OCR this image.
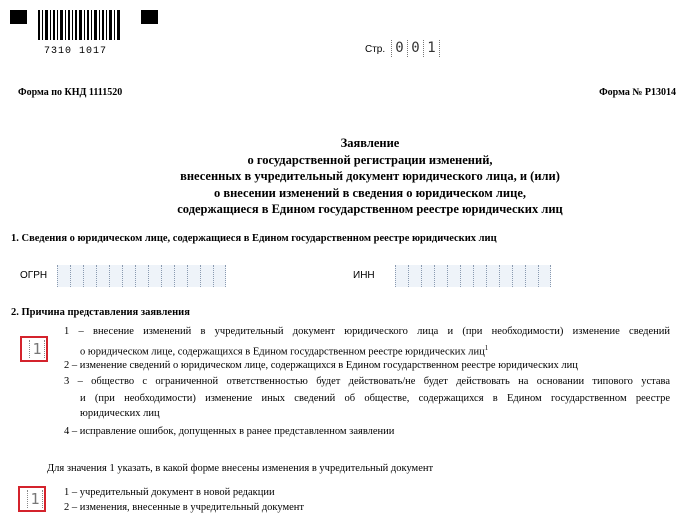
7310 1017	Стр. 0 0 1
Форма по КНД 1111520	Форма № Р13014
Заявление
о государственной регистрации изменений,
внесенных в учредительный документ юридического лица, и (или)
о внесении изменений в сведения о юридическом лице,
содержащиеся в Едином государственном реестре юридических лиц
1. Сведения о юридическом лице, содержащиеся в Едином государственном реестре юридических лиц
ОГРН	ИНН
2. Причина представления заявления
1
1 – внесение изменений в учредительный документ юридического лица и (при необходимости) изменение сведений
о юридическом лице, содержащихся в Едином государственном реестре юридических лиц$^1$
2 – изменение сведений о юридическом лице, содержащихся в Едином государственном реестре юридических лиц
3 – общество с ограниченной ответственностью будет действовать/не будет действовать на основании типового устава
и (при необходимости) изменение иных сведений об обществе, содержащихся в Едином государственном реестре
юридических лиц
4 – исправление ошибок, допущенных в ранее представленном заявлении
Для значения 1 указать, в какой форме внесены изменения в учредительный документ
1	1 – учредительный документ в новой редакции
2 – изменения, внесенные в учредительный документ
